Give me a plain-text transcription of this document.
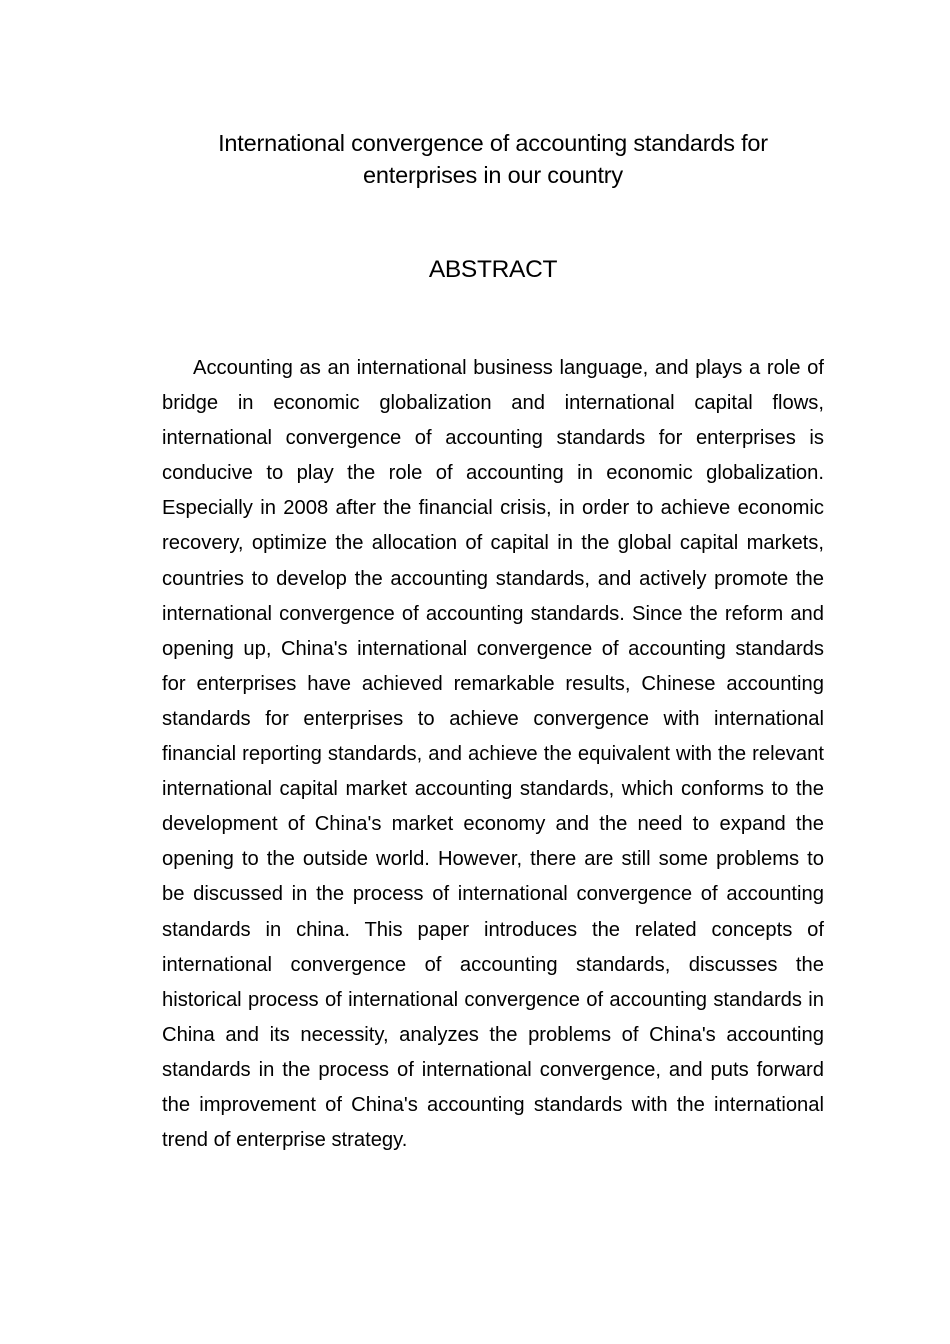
International convergence of accounting standards for
enterprises in our country
ABSTRACT

Accounting as an international business language, and plays a role of bridge in economic globalization and international capital flows, international convergence of accounting standards for enterprises is conducive to play the role of accounting in economic globalization. Especially in 2008 after the financial crisis, in order to achieve economic recovery, optimize the allocation of capital in the global capital markets, countries to develop the accounting standards, and actively promote the international convergence of accounting standards. Since the reform and opening up, China's international convergence of accounting standards for enterprises have achieved remarkable results, Chinese accounting standards for enterprises to achieve convergence with international financial reporting standards, and achieve the equivalent with the relevant international capital market accounting standards, which conforms to the development of China's market economy and the need to expand the opening to the outside world. However, there are still some problems to be discussed in the process of international convergence of accounting standards in china. This paper introduces the related concepts of international convergence of accounting standards, discusses the historical process of international convergence of accounting standards in China and its necessity, analyzes the problems of China's accounting standards in the process of international convergence, and puts forward the improvement of China's accounting standards with the international trend of enterprise strategy.
